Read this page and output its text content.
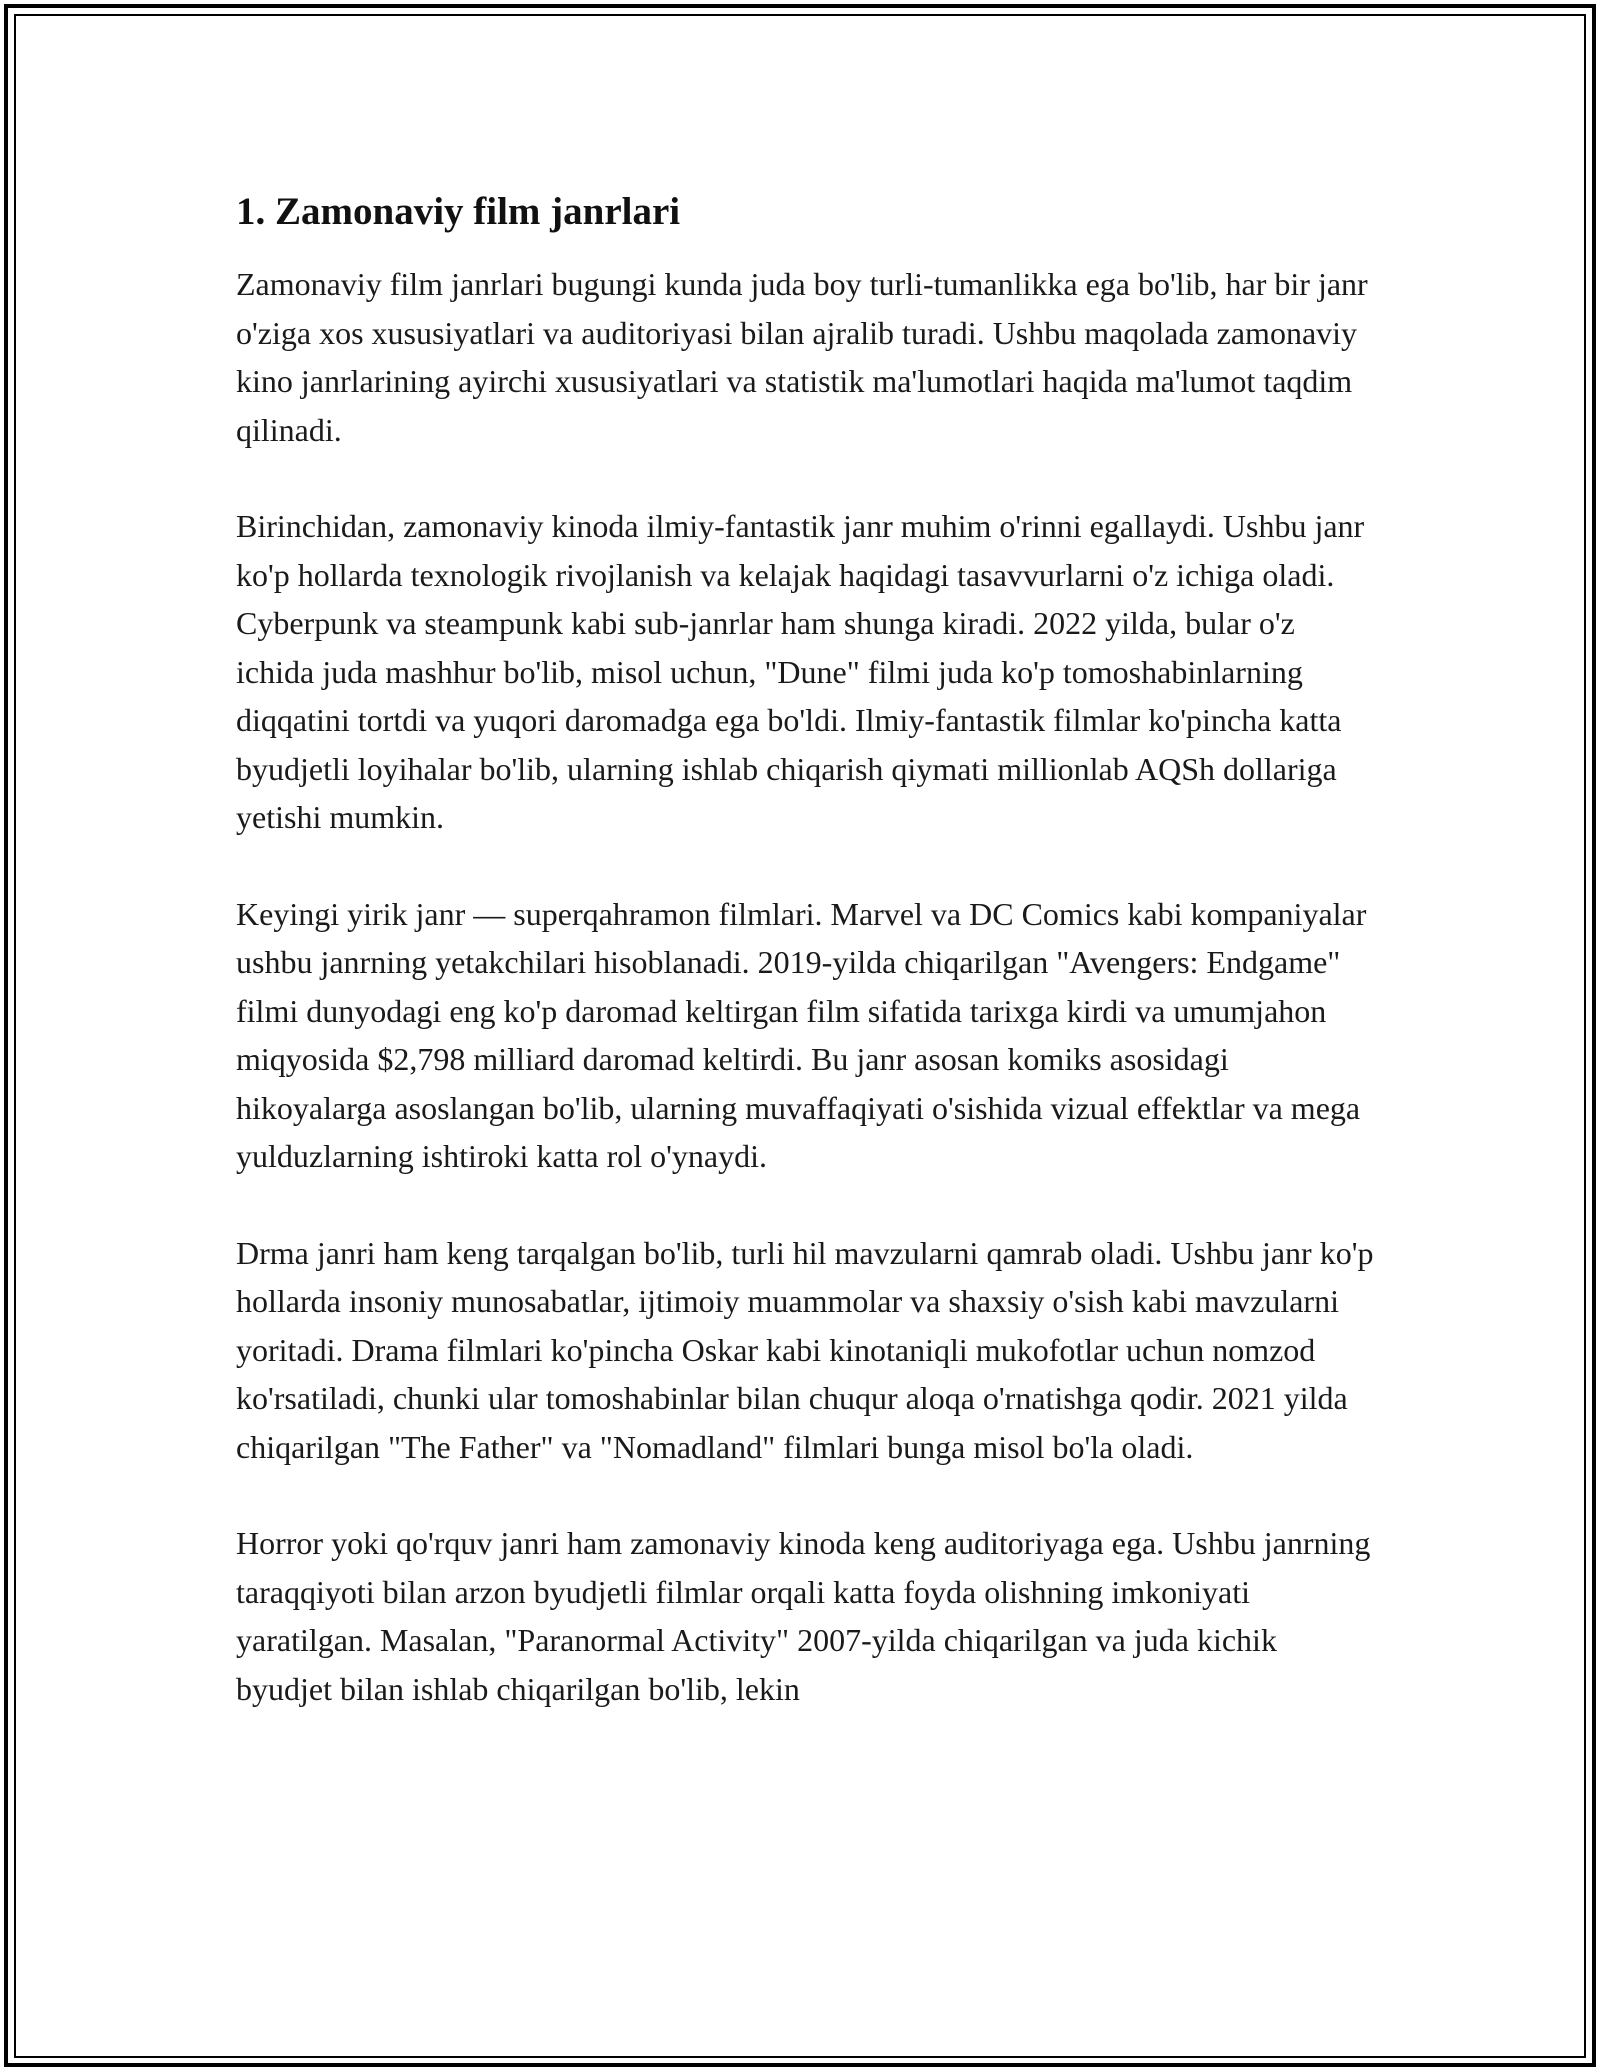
1. Zamonaviy film janrlari

Zamonaviy film janrlari bugungi kunda juda boy turli-tumanlikka ega bo'lib, har bir janr o'ziga xos xususiyatlari va auditoriyasi bilan ajralib turadi. Ushbu maqolada zamonaviy kino janrlarining ayirchi xususiyatlari va statistik ma'lumotlari haqida ma'lumot taqdim qilinadi.

Birinchidan, zamonaviy kinoda ilmiy-fantastik janr muhim o'rinni egallaydi. Ushbu janr ko'p hollarda texnologik rivojlanish va kelajak haqidagi tasavvurlarni o'z ichiga oladi. Cyberpunk va steampunk kabi sub-janrlar ham shunga kiradi. 2022 yilda, bular o'z ichida juda mashhur bo'lib, misol uchun, "Dune" filmi juda ko'p tomoshabinlarning diqqatini tortdi va yuqori daromadga ega bo'ldi. Ilmiy-fantastik filmlar ko'pincha katta byudjetli loyihalar bo'lib, ularning ishlab chiqarish qiymati millionlab AQSh dollariga yetishi mumkin.

Keyingi yirik janr — superqahramon filmlari. Marvel va DC Comics kabi kompaniyalar ushbu janrning yetakchilari hisoblanadi. 2019-yilda chiqarilgan "Avengers: Endgame" filmi dunyodagi eng ko'p daromad keltirgan film sifatida tarixga kirdi va umumjahon miqyosida $2,798 milliard daromad keltirdi. Bu janr asosan komiks asosidagi hikoyalarga asoslangan bo'lib, ularning muvaffaqiyati o'sishida vizual effektlar va mega yulduzlarning ishtiroki katta rol o'ynaydi.

Drma janri ham keng tarqalgan bo'lib, turli hil mavzularni qamrab oladi. Ushbu janr ko'p hollarda insoniy munosabatlar, ijtimoiy muammolar va shaxsiy o'sish kabi mavzularni yoritadi. Drama filmlari ko'pincha Oskar kabi kinotaniqli mukofotlar uchun nomzod ko'rsatiladi, chunki ular tomoshabinlar bilan chuqur aloqa o'rnatishga qodir. 2021 yilda chiqarilgan "The Father" va "Nomadland" filmlari bunga misol bo'la oladi.

Horror yoki qo'rquv janri ham zamonaviy kinoda keng auditoriyaga ega. Ushbu janrning taraqqiyoti bilan arzon byudjetli filmlar orqali katta foyda olishning imkoniyati yaratilgan. Masalan, "Paranormal Activity" 2007-yilda chiqarilgan va juda kichik byudjet bilan ishlab chiqarilgan bo'lib, lekin
